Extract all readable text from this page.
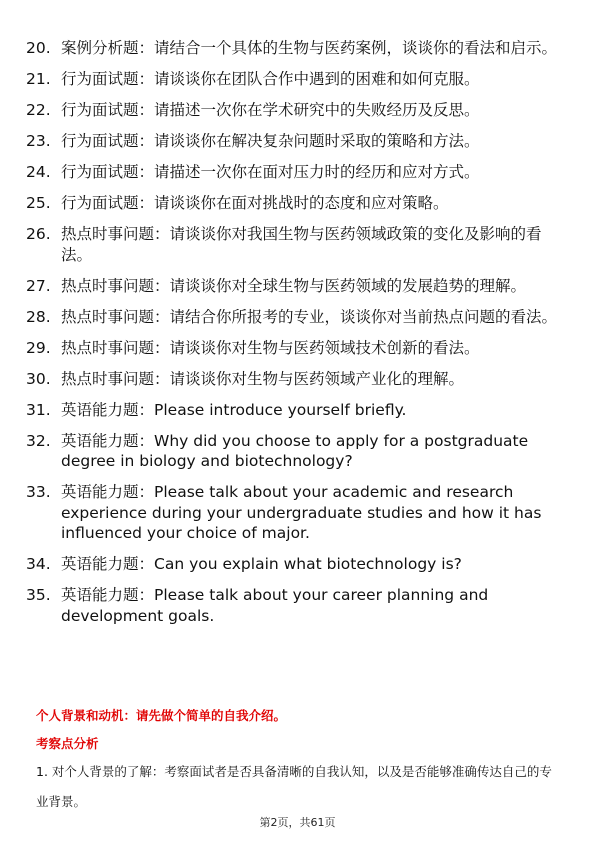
20. 案例分析题：请结合一个具体的生物与医药案例，谈谈你的看法和启示。
21. 行为面试题：请谈谈你在团队合作中遇到的困难和如何克服。
22. 行为面试题：请描述一次你在学术研究中的失败经历及反思。
23. 行为面试题：请谈谈你在解决复杂问题时采取的策略和方法。
24. 行为面试题：请描述一次你在面对压力时的经历和应对方式。
25. 行为面试题：请谈谈你在面对挑战时的态度和应对策略。
26. 热点时事问题：请谈谈你对我国生物与医药领域政策的变化及影响的看法。
27. 热点时事问题：请谈谈你对全球生物与医药领域的发展趋势的理解。
28. 热点时事问题：请结合你所报考的专业，谈谈你对当前热点问题的看法。
29. 热点时事问题：请谈谈你对生物与医药领域技术创新的看法。
30. 热点时事问题：请谈谈你对生物与医药领域产业化的理解。
31. 英语能力题：Please introduce yourself briefly.
32. 英语能力题：Why did you choose to apply for a postgraduate degree in biology and biotechnology?
33. 英语能力题：Please talk about your academic and research experience during your undergraduate studies and how it has influenced your choice of major.
34. 英语能力题：Can you explain what biotechnology is?
35. 英语能力题：Please talk about your career planning and development goals.

个人背景和动机：请先做个简单的自我介绍。

考察点分析

1. 对个人背景的了解：考察面试者是否具备清晰的自我认知，以及是否能够准确传达自己的专业背景。

第2页，共61页
